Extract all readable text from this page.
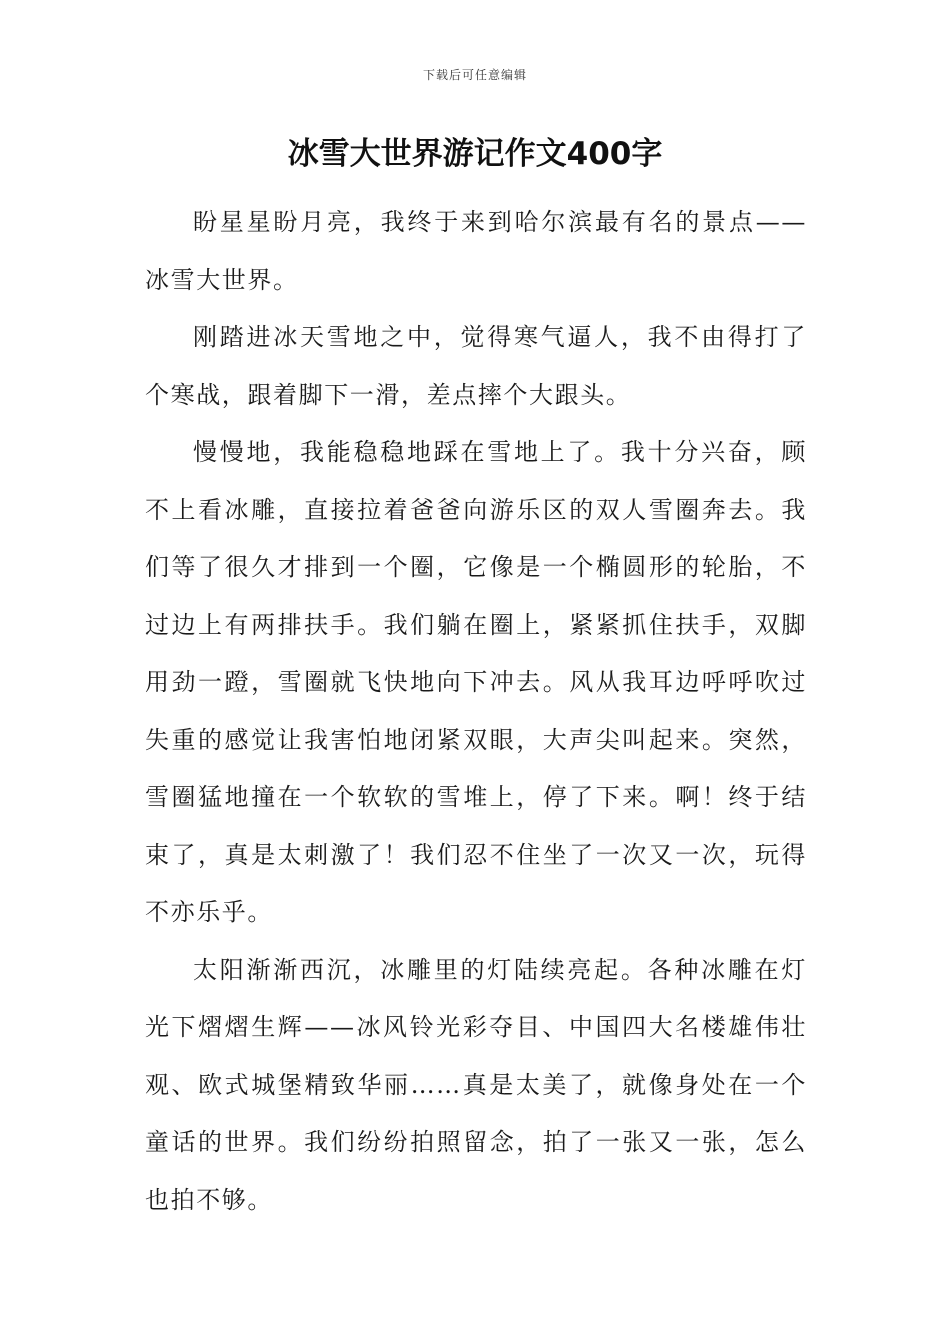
下载后可任意编辑
冰雪大世界游记作文400字

盼星星盼月亮，我终于来到哈尔滨最有名的景点——冰雪大世界。

刚踏进冰天雪地之中，觉得寒气逼人，我不由得打了个寒战，跟着脚下一滑，差点摔个大跟头。

慢慢地，我能稳稳地踩在雪地上了。我十分兴奋，顾不上看冰雕，直接拉着爸爸向游乐区的双人雪圈奔去。我们等了很久才排到一个圈，它像是一个椭圆形的轮胎，不过边上有两排扶手。我们躺在圈上，紧紧抓住扶手，双脚用劲一蹬，雪圈就飞快地向下冲去。风从我耳边呼呼吹过失重的感觉让我害怕地闭紧双眼，大声尖叫起来。突然，雪圈猛地撞在一个软软的雪堆上，停了下来。啊！终于结束了，真是太刺激了！我们忍不住坐了一次又一次，玩得不亦乐乎。

太阳渐渐西沉，冰雕里的灯陆续亮起。各种冰雕在灯光下熠熠生辉——冰风铃光彩夺目、中国四大名楼雄伟壮观、欧式城堡精致华丽……真是太美了，就像身处在一个童话的世界。我们纷纷拍照留念，拍了一张又一张，怎么也拍不够。
